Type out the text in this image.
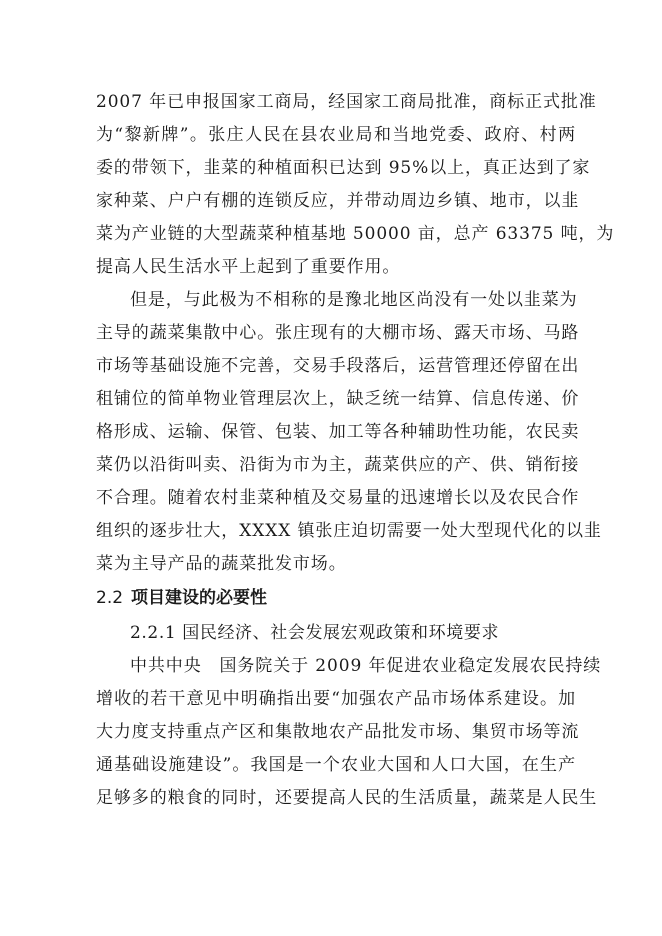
2007 年已申报国家工商局，经国家工商局批准，商标正式批准
为“黎新牌”。张庄人民在县农业局和当地党委、政府、村两
委的带领下，韭菜的种植面积已达到 95%以上，真正达到了家
家种菜、户户有棚的连锁反应，并带动周边乡镇、地市，以韭
菜为产业链的大型蔬菜种植基地 50000 亩，总产 63375 吨，为
提高人民生活水平上起到了重要作用。
但是，与此极为不相称的是豫北地区尚没有一处以韭菜为
主导的蔬菜集散中心。张庄现有的大棚市场、露天市场、马路
市场等基础设施不完善，交易手段落后，运营管理还停留在出
租铺位的简单物业管理层次上，缺乏统一结算、信息传递、价
格形成、运输、保管、包装、加工等各种辅助性功能，农民卖
菜仍以沿街叫卖、沿街为市为主，蔬菜供应的产、供、销衔接
不合理。随着农村韭菜种植及交易量的迅速增长以及农民合作
组织的逐步壮大，XXXX 镇张庄迫切需要一处大型现代化的以韭
菜为主导产品的蔬菜批发市场。
2.2 项目建设的必要性
2.2.1 国民经济、社会发展宏观政策和环境要求
中共中央　国务院关于 2009 年促进农业稳定发展农民持续
增收的若干意见中明确指出要“加强农产品市场体系建设。加
大力度支持重点产区和集散地农产品批发市场、集贸市场等流
通基础设施建设”。我国是一个农业大国和人口大国，在生产
足够多的粮食的同时，还要提高人民的生活质量，蔬菜是人民生
